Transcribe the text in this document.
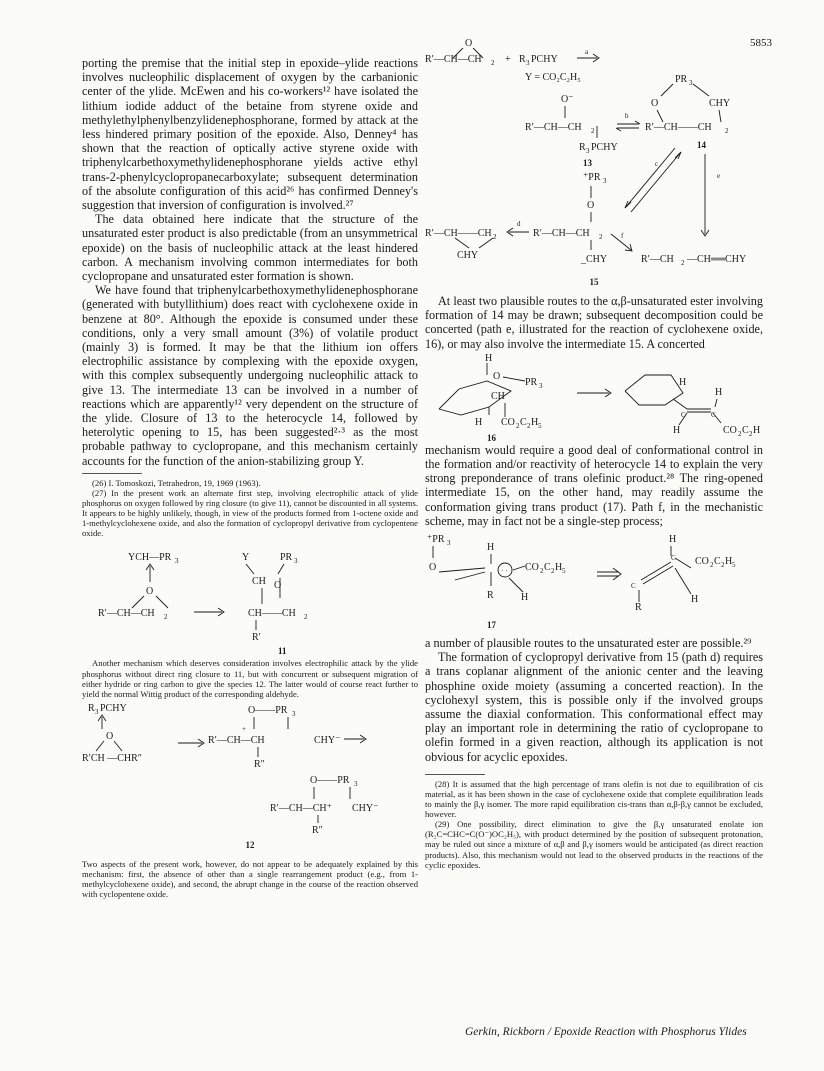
5853

porting the premise that the initial step in epoxide–ylide reactions involves nucleophilic displacement of oxygen by the carbanionic center of the ylide. McEwen and his co-workers¹² have isolated the lithium iodide adduct of the betaine from styrene oxide and methylethylphenylbenzylidenephosphorane, formed by attack at the less hindered primary position of the epoxide. Also, Denney⁴ has shown that the reaction of optically active styrene oxide with triphenylcarbethoxymethylidenephosphorane yields active ethyl trans-2-phenylcyclopropanecarboxylate; subsequent determination of the absolute configuration of this acid²⁶ has confirmed Denney's suggestion that inversion of configuration is involved.²⁷

The data obtained here indicate that the structure of the unsaturated ester product is also predictable (from an unsymmetrical epoxide) on the basis of nucleophilic attack at the least hindered carbon. A mechanism involving common intermediates for both cyclopropane and unsaturated ester formation is shown.

We have found that triphenylcarbethoxymethylidenephosphorane (generated with butyllithium) does react with cyclohexene oxide in benzene at 80°. Although the epoxide is consumed under these conditions, only a very small amount (3%) of volatile product (mainly 3) is formed. It may be that the lithium ion offers electrophilic assistance by complexing with the epoxide oxygen, with this complex subsequently undergoing nucleophilic attack to give 13. The intermediate 13 can be involved in a number of reactions which are apparently¹² very dependent on the structure of the ylide. Closure of 13 to the heterocycle 14, followed by heterolytic opening to 15, has been suggested²·³ as the most probable pathway to cyclopropane, and this mechanism certainly accounts for the function of the anion-stabilizing group Y.

(26) I. Tomoskozi, Tetrahedron, 19, 1969 (1963).

(27) In the present work an alternate first step, involving electrophilic attack of ylide phosphorus on oxygen followed by ring closure (to give 11), cannot be discounted in all systems. It appears to be highly unlikely, though, in view of the products formed from 1-octene oxide and 1-methylcyclohexene oxide, and also the formation of cyclopropyl derivative from cyclopentene oxide.

YCH—PR 3
O
R′—CH—CH 2
Y	PR 3
CH O
CH——CH 2
R′
11

Another mechanism which deserves consideration involves electrophilic attack by the ylide phosphorus without direct ring closure to 11, but with concurrent or subsequent migration of either hydride or ring carbon to give the species 12. The latter would of course react further to yield the normal Wittig product of the corresponding aldehyde.

R 3 PCHY
O
R′CH —CHR″
O——PR 3
+
R′—CH—CH	CHY⁻
R″
O——PR 3
R′—CH—CH⁺ CHY⁻
R″
12

Two aspects of the present work, however, do not appear to be adequately explained by this mechanism: first, the absence of other than a single rearrangement product (e.g., from 1-methylcyclohexene oxide), and second, the abrupt change in the course of the reaction observed with cyclopentene oxide.

O
R′—CH—CH 2 + R 3 PCHY
a
Y = CO₂C₂H₅
O⁻
R′—CH—CH 2
R 3 PCHY
13
b
PR 3
O	CHY
R′—CH——CH 2
14
⁺PR 3
O
c
e
R′—CH——CH 2
CHY
d
R′—CH—CH 2
_CHY
f
R′—CH 2 —CH══CHY
15

At least two plausible routes to the α,β-unsaturated ester involving formation of 14 may be drawn; subsequent decomposition could be concerted (path e, illustrated for the reaction of cyclohexene oxide, 16), or may also involve the intermediate 15. A concerted

H
O
PR 3
CH
H CO 2 C 2 H 5
16
H
C	C
H
H	CO 2 C 2 H

mechanism would require a good deal of conformational control in the formation and/or reactivity of heterocycle 14 to explain the very strong preponderance of trans olefinic product.²⁸ The ring-opened intermediate 15, on the other hand, may readily assume the conformation giving trans product (17). Path f, in the mechanistic scheme, may in fact not be a single-step process;

⁺PR 3	H
O	· · CO 2 C 2 H 5
R	H
H
CO 2 C 2 H 5
C
C
R
H
17

a number of plausible routes to the unsaturated ester are possible.²⁹

The formation of cyclopropyl derivative from 15 (path d) requires a trans coplanar alignment of the anionic center and the leaving phosphine oxide moiety (assuming a concerted reaction). In the cyclohexyl system, this is possible only if the involved groups assume the diaxial conformation. This conformational effect may play an important role in determining the ratio of cyclopropane to olefin formed in a given reaction, although its application is not obvious for acyclic epoxides.

(28) It is assumed that the high percentage of trans olefin is not due to equilibration of cis material, as it has been shown in the case of cyclohexene oxide that complete equilibration leads to mainly the β,γ isomer. The more rapid equilibration cis-trans than α,β-β,γ cannot be excluded, however.

(29) One possibility, direct elimination to give the β,γ unsaturated enolate ion (R₂C=CHC=C(O⁻)OC₂H₅), with product determined by the position of subsequent protonation, may be ruled out since a mixture of α,β and β,γ isomers would be anticipated (as direct reaction products). Also, this mechanism would not lead to the observed products in the reactions of the cyclic epoxides.

Gerkin, Rickborn / Epoxide Reaction with Phosphorus Ylides
